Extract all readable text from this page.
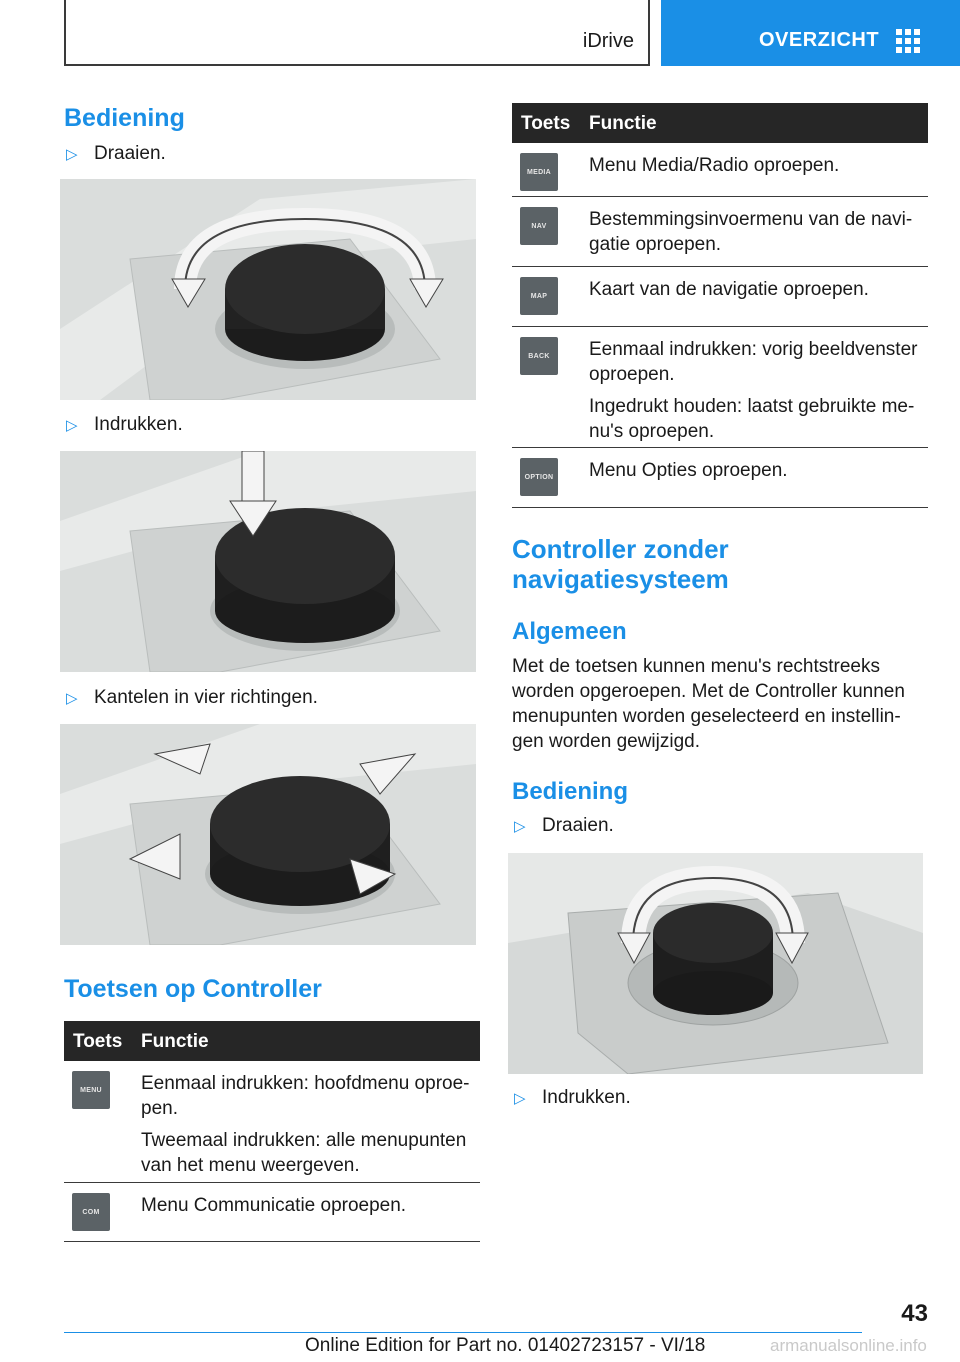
iDrive	OVERZICHT
Bediening
▷ Draaien.
▷ Indrukken.
▷ Kantelen in vier richtingen.
Toetsen op Controller
Toets Functie
MENU	Eenmaal indrukken: hoofdmenu oproe-pen.

Tweemaal indrukken: alle menupunten van het menu weergeven.

COM	Menu Communicatie oproepen.

Toets Functie
MEDIA	Menu Media/Radio oproepen.

NAV	Bestemmingsinvoermenu van de navi-gatie oproepen.

MAP	Kaart van de navigatie oproepen.

BACK	Eenmaal indrukken: vorig beeldvenster oproepen.

Ingedrukt houden: laatst gebruikte me-nu's oproepen.

OPTION Menu Opties oproepen.

Controller zonder
navigatiesysteem
Algemeen
Met de toetsen kunnen menu's rechtstreeks worden opgeroepen. Met de Controller kunnen menupunten worden geselecteerd en instellin-gen worden gewijzigd.
Bediening
▷ Draaien.
▷ Indrukken.
43
Online Edition for Part no. 01402723157 - VI/18	armanualsonline.info
